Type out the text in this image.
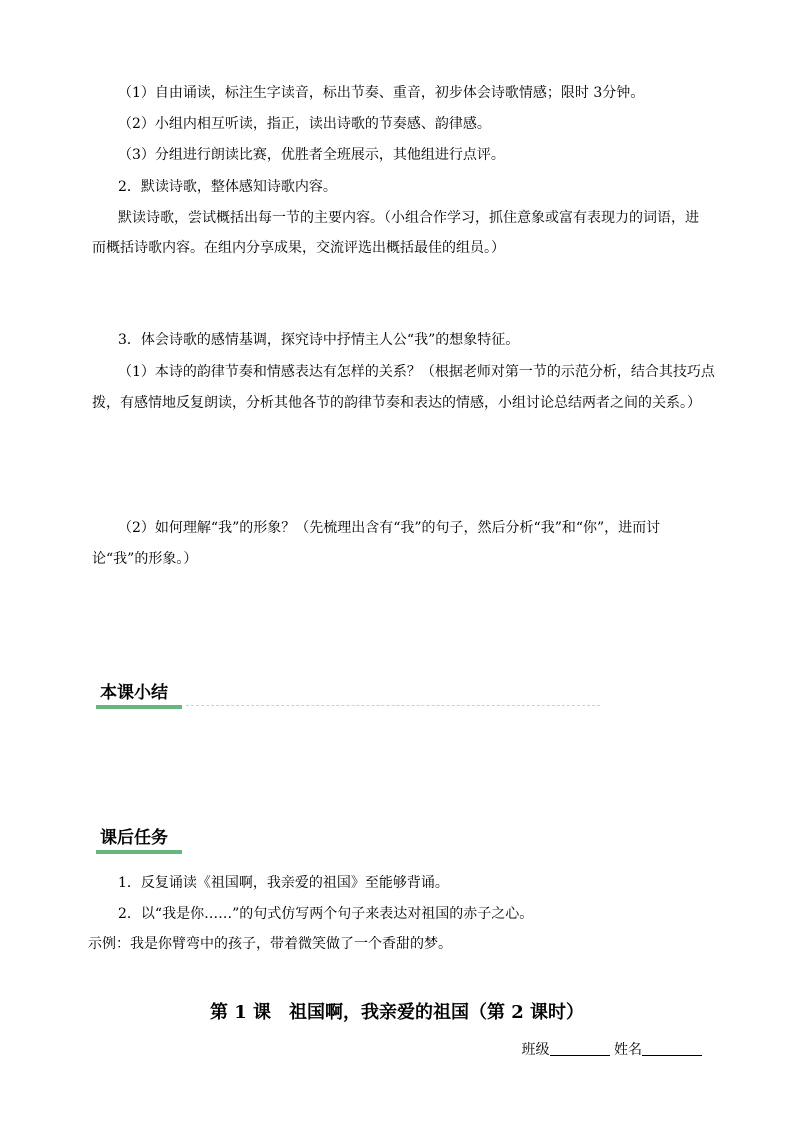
（1）自由诵读，标注生字读音，标出节奏、重音，初步体会诗歌情感；限时 3分钟。
（2）小组内相互听读，指正，读出诗歌的节奏感、韵律感。
（3）分组进行朗读比赛，优胜者全班展示，其他组进行点评。
2．默读诗歌，整体感知诗歌内容。
默读诗歌，尝试概括出每一节的主要内容。（小组合作学习，抓住意象或富有表现力的词语，进
而概括诗歌内容。在组内分享成果，交流评选出概括最佳的组员。）
3．体会诗歌的感情基调，探究诗中抒情主人公“我”的想象特征。
（1）本诗的韵律节奏和情感表达有怎样的关系？（根据老师对第一节的示范分析，结合其技巧点
拨，有感情地反复朗读，分析其他各节的韵律节奏和表达的情感，小组讨论总结两者之间的关系。）
（2）如何理解“我”的形象？（先梳理出含有“我”的句子，然后分析“我”和“你”，进而讨
论“我”的形象。）
本课小结
课后任务
1．反复诵读《祖国啊，我亲爱的祖国》至能够背诵。
2．以“我是你……”的句式仿写两个句子来表达对祖国的赤子之心。
示例：我是你臂弯中的孩子，带着微笑做了一个香甜的梦。
第 1 课　祖国啊，我亲爱的祖国（第 2 课时）
班级	姓名
